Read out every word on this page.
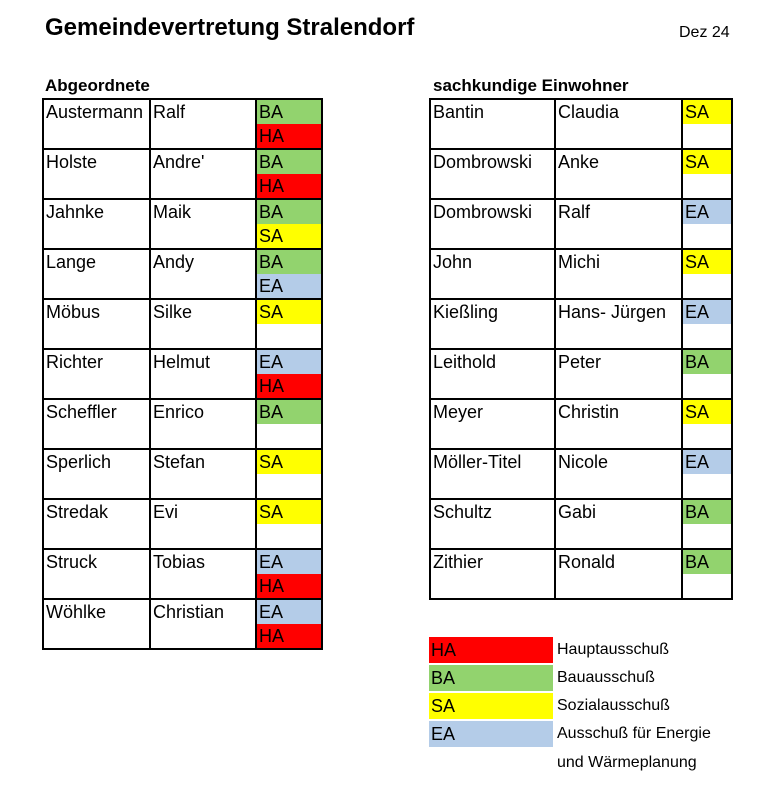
Gemeindevertretung Stralendorf	Dez 24
Abgeordnete	sachkundige Einwohner
Austermann	Ralf	BA
HA

Holste	Andre'	BA
HA

Jahnke	Maik	BA
SA

Lange	Andy	BA
EA

Möbus	Silke	SA

Richter	Helmut	EA
HA

Scheffler	Enrico	BA

Sperlich	Stefan	SA

Stredak	Evi	SA

Struck	Tobias	EA
HA

Wöhlke	Christian	EA
HA
Bantin	Claudia	SA

Dombrowski	Anke	SA

Dombrowski	Ralf	EA

John	Michi	SA

Kießling	Hans- Jürgen	EA

Leithold	Peter	BA

Meyer	Christin	SA

Möller-Titel	Nicole	EA

Schultz	Gabi	BA

Zithier	Ronald	BA
HA	Hauptausschuß
BA	Bauausschuß
SA	Sozialausschuß
EA	Ausschuß für Energie
und Wärmeplanung
